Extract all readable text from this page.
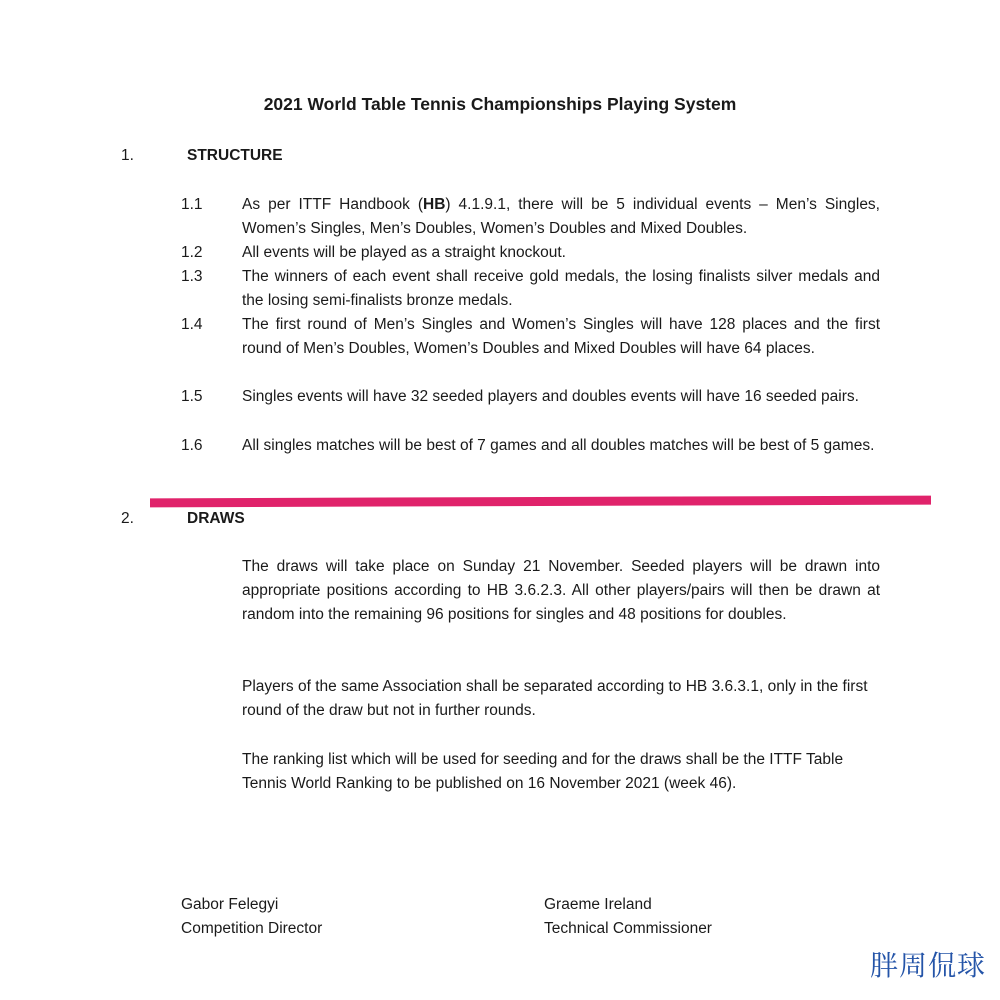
2021 World Table Tennis Championships Playing System
1.	STRUCTURE
1.1	As per ITTF Handbook (HB) 4.1.9.1, there will be 5 individual events – Men’s Singles, Women’s Singles, Men’s Doubles, Women’s Doubles and Mixed Doubles.
1.2	All events will be played as a straight knockout.
1.3	The winners of each event shall receive gold medals, the losing finalists silver medals and the losing semi-finalists bronze medals.
1.4	The first round of Men’s Singles and Women’s Singles will have 128 places and the first round of Men’s Doubles, Women’s Doubles and Mixed Doubles will have 64 places.
1.5	Singles events will have 32 seeded players and doubles events will have 16 seeded pairs.
1.6	All singles matches will be best of 7 games and all doubles matches will be best of 5 games.
2.	DRAWS
The draws will take place on Sunday 21 November. Seeded players will be drawn into appropriate positions according to HB 3.6.2.3. All other players/pairs will then be drawn at random into the remaining 96 positions for singles and 48 positions for doubles.
Players of the same Association shall be separated according to HB 3.6.3.1, only in the first round of the draw but not in further rounds.
The ranking list which will be used for seeding and for the draws shall be the ITTF Table Tennis World Ranking to be published on 16 November 2021 (week 46).
Gabor Felegyi
Competition Director
Graeme Ireland
Technical Commissioner
胖周侃球
